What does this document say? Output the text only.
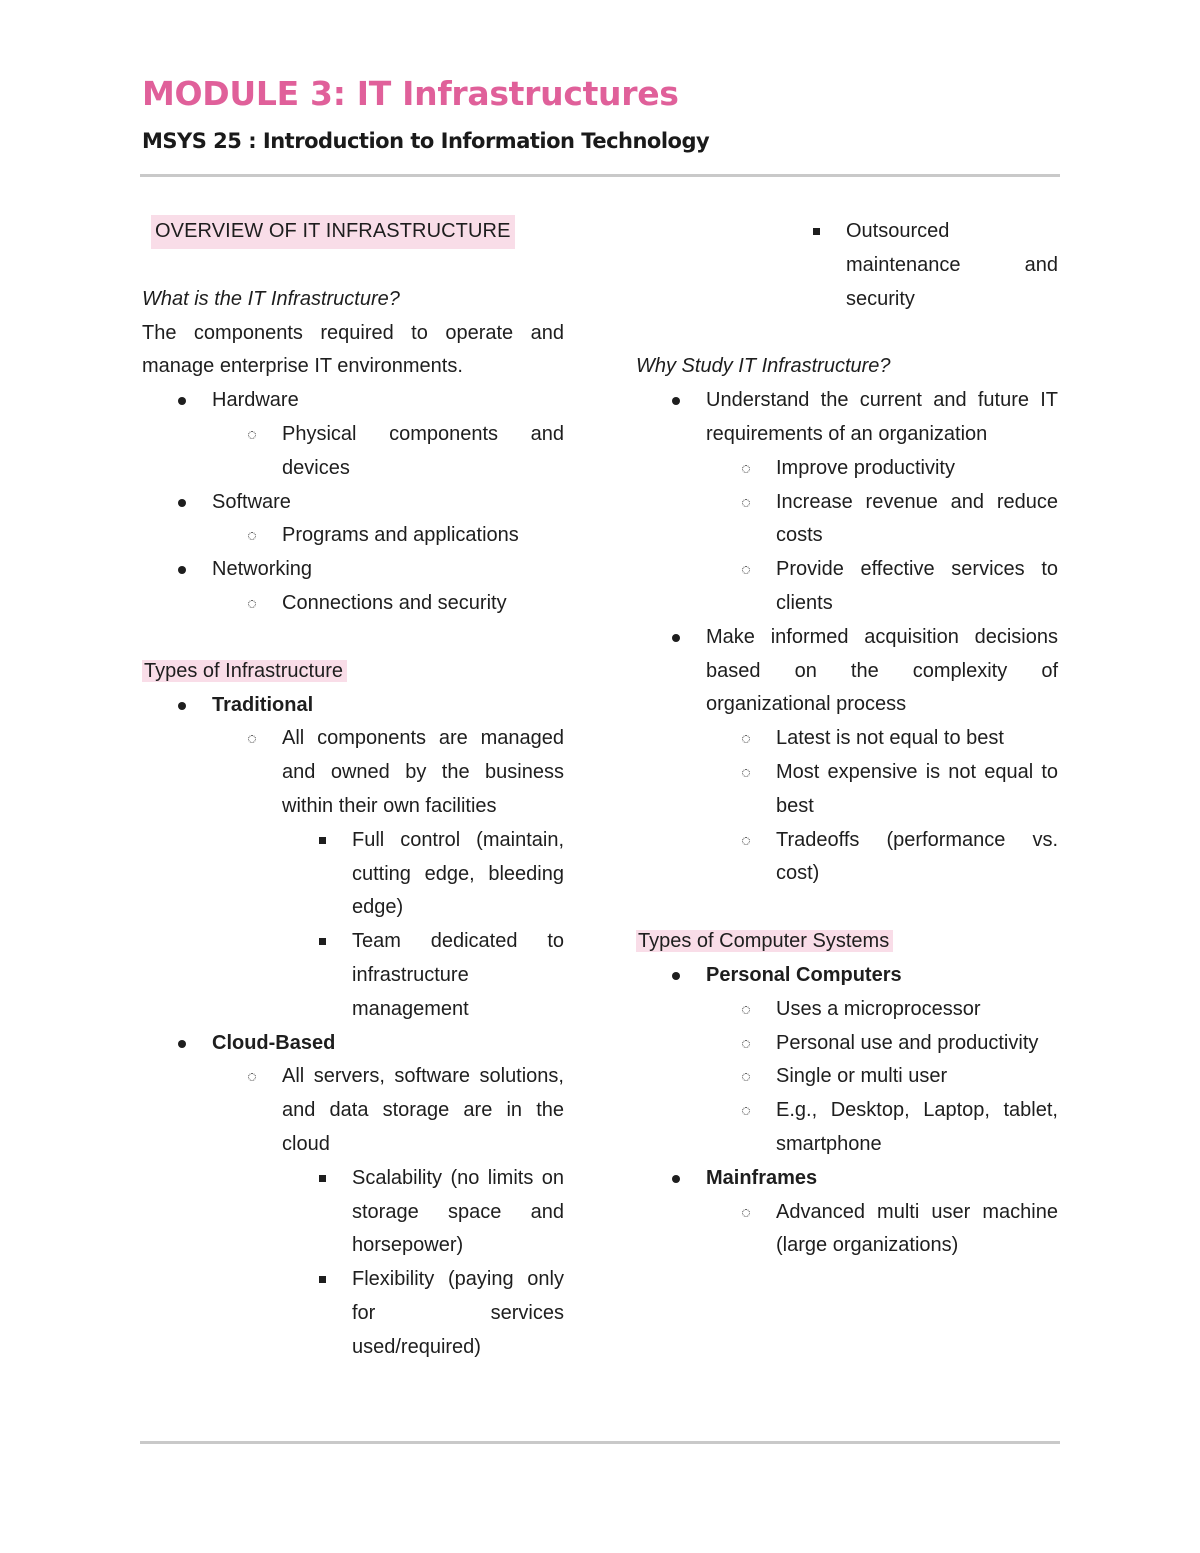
MODULE 3: IT Infrastructures
MSYS 25 : Introduction to Information Technology
OVERVIEW OF IT INFRASTRUCTURE
What is the IT Infrastructure?
The components required to operate and manage enterprise IT environments.
Hardware
Physical components and devices
Software
Programs and applications
Networking
Connections and security
Types of Infrastructure
Traditional
All components are managed and owned by the business within their own facilities
Full control (maintain, cutting edge, bleeding edge)
Team dedicated to infrastructure management
Cloud-Based
All servers, software solutions, and data storage are in the cloud
Scalability (no limits on storage space and horsepower)
Flexibility (paying only for services used/required)
Outsourced maintenance and security
Why Study IT Infrastructure?
Understand the current and future IT requirements of an organization
Improve productivity
Increase revenue and reduce costs
Provide effective services to clients
Make informed acquisition decisions based on the complexity of organizational process
Latest is not equal to best
Most expensive is not equal to best
Tradeoffs (performance vs. cost)
Types of Computer Systems
Personal Computers
Uses a microprocessor
Personal use and productivity
Single or multi user
E.g., Desktop, Laptop, tablet, smartphone
Mainframes
Advanced multi user machine (large organizations)
